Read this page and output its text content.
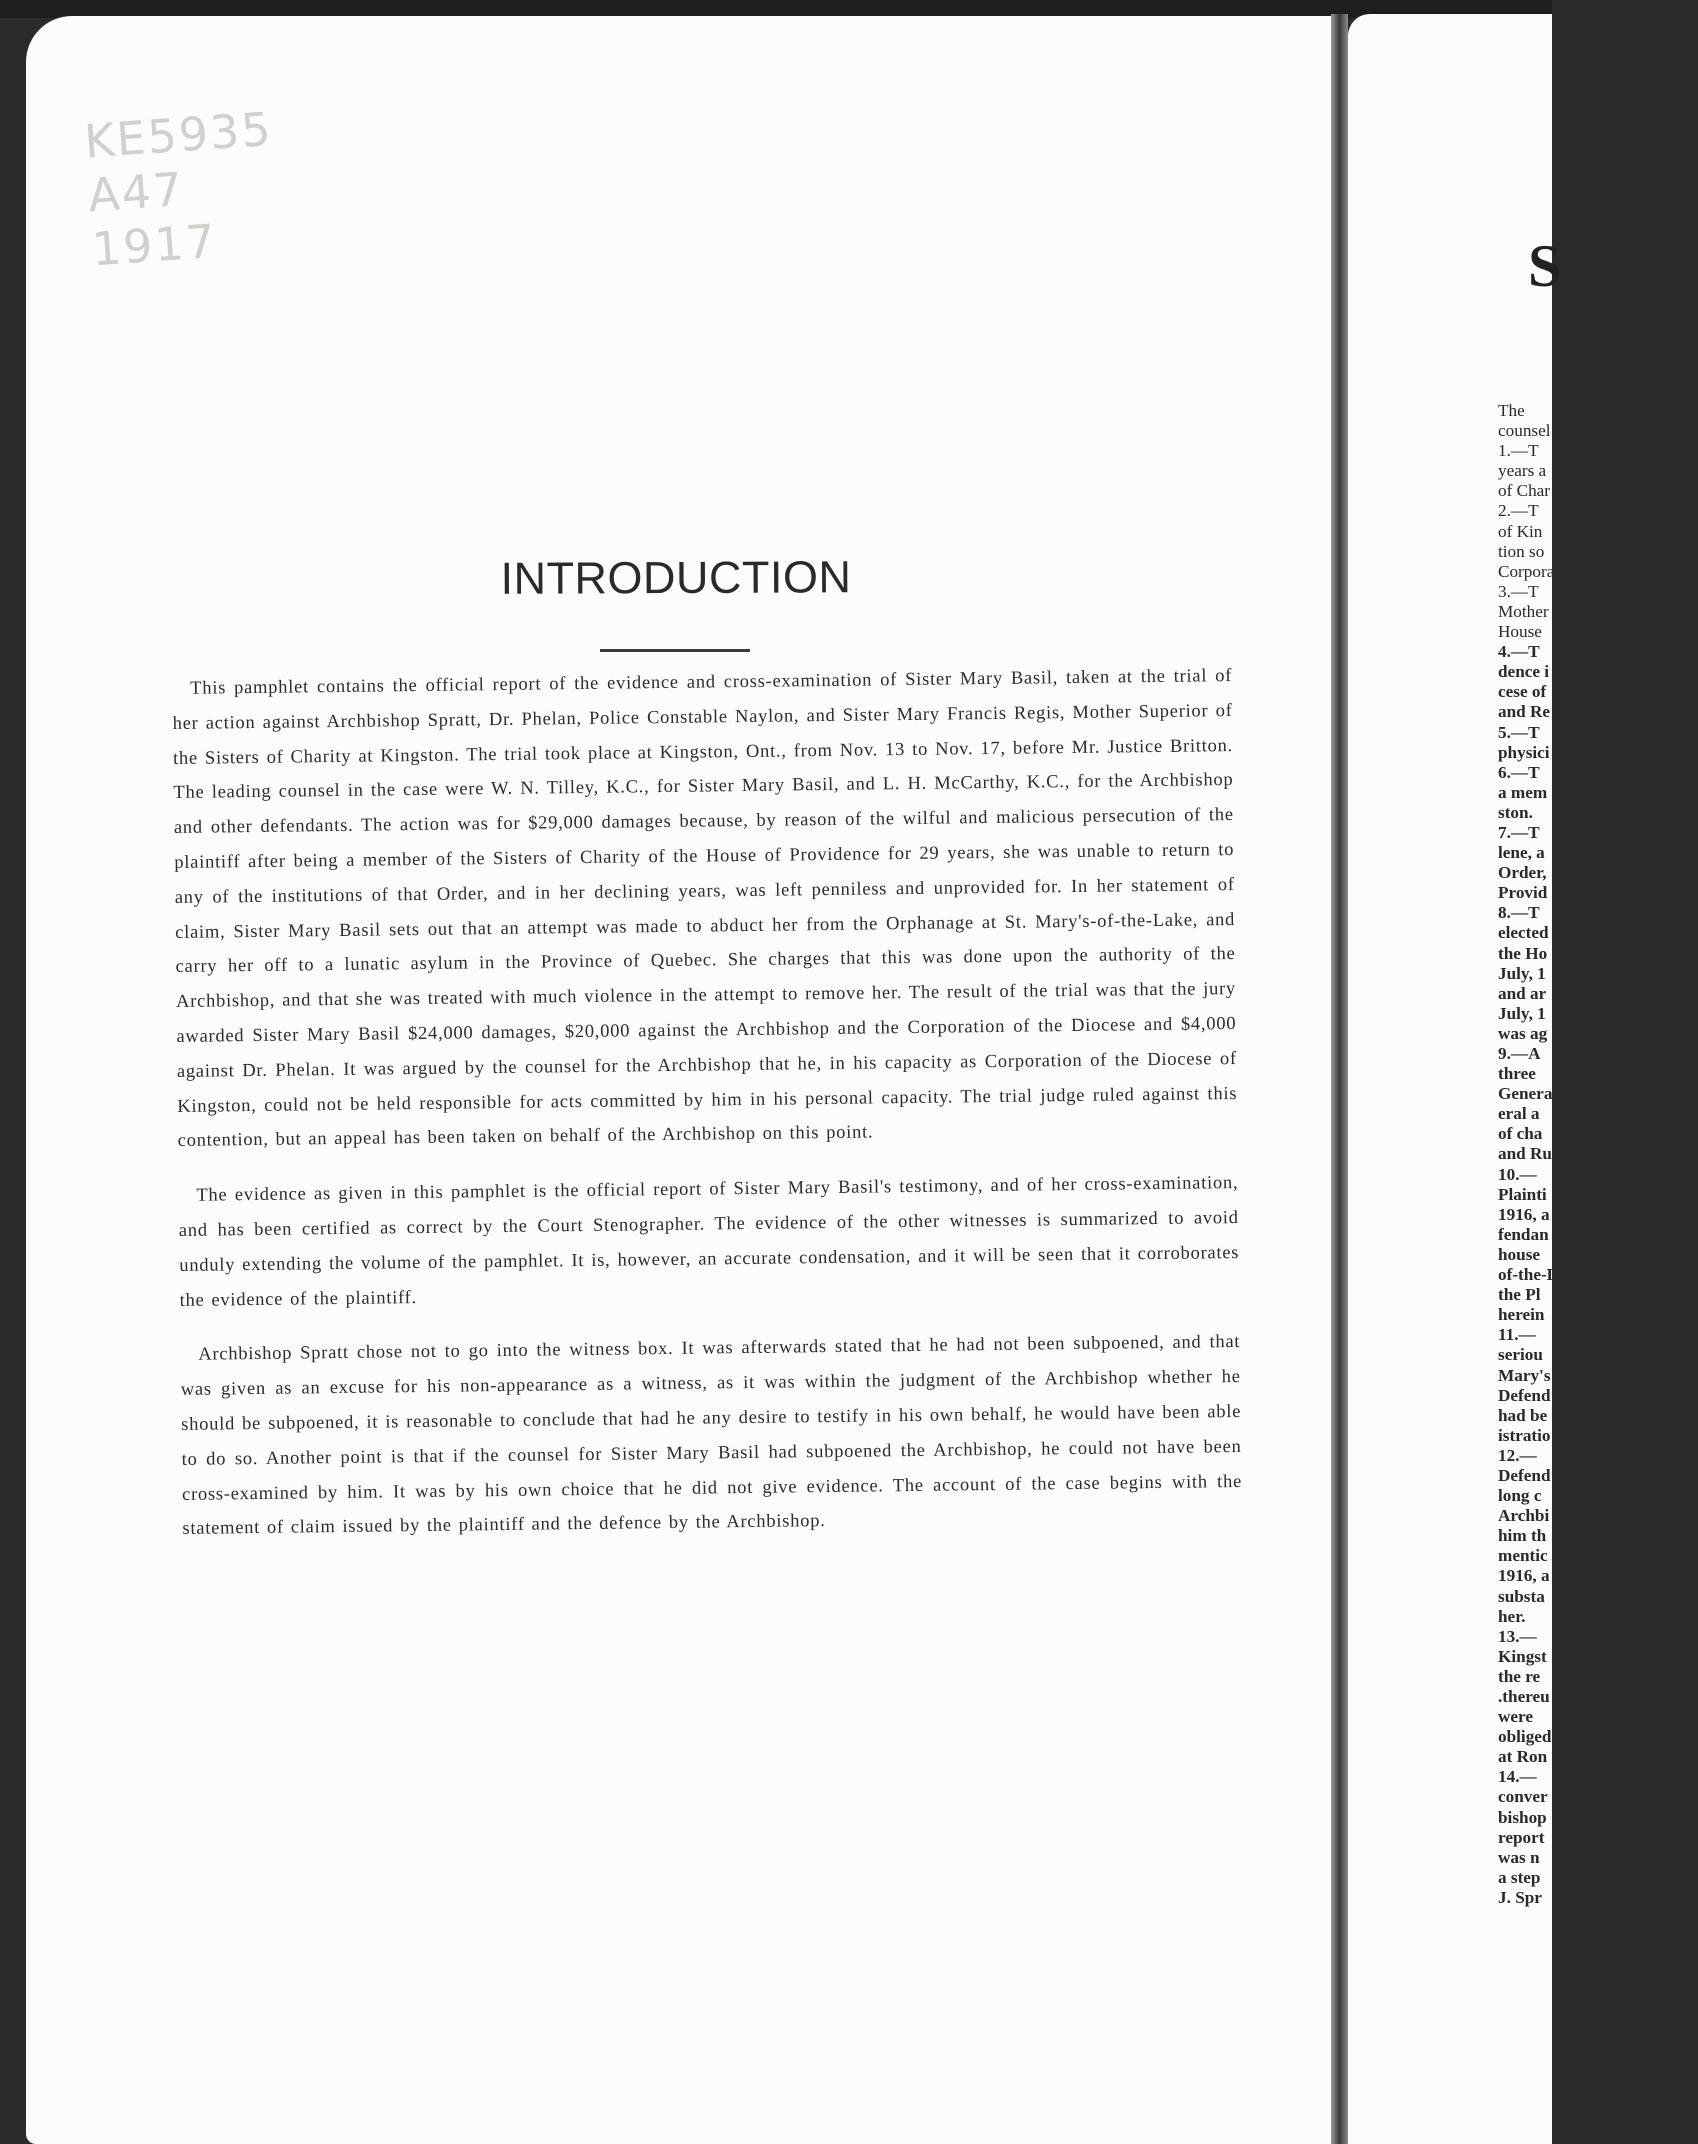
KE5935
A47
1917
INTRODUCTION

This pamphlet contains the official report of the evidence and cross-examination of Sister Mary Basil, taken at the trial of her action against Archbishop Spratt, Dr. Phelan, Police Constable Naylon, and Sister Mary Francis Regis, Mother Superior of the Sisters of Charity at Kingston. The trial took place at Kingston, Ont., from Nov. 13 to Nov. 17, before Mr. Justice Britton. The leading counsel in the case were W. N. Tilley, K.C., for Sister Mary Basil, and L. H. McCarthy, K.C., for the Archbishop and other defendants. The action was for $29,000 damages because, by reason of the wilful and malicious persecution of the plaintiff after being a member of the Sisters of Charity of the House of Providence for 29 years, she was unable to return to any of the institutions of that Order, and in her declining years, was left penniless and unprovided for. In her statement of claim, Sister Mary Basil sets out that an attempt was made to abduct her from the Orphanage at St. Mary's-of-the-Lake, and carry her off to a lunatic asylum in the Province of Quebec. She charges that this was done upon the authority of the Archbishop, and that she was treated with much violence in the attempt to remove her. The result of the trial was that the jury awarded Sister Mary Basil $24,000 damages, $20,000 against the Archbishop and the Corporation of the Diocese and $4,000 against Dr. Phelan. It was argued by the counsel for the Archbishop that he, in his capacity as Corporation of the Diocese of Kingston, could not be held responsible for acts committed by him in his personal capacity. The trial judge ruled against this contention, but an appeal has been taken on behalf of the Archbishop on this point.

The evidence as given in this pamphlet is the official report of Sister Mary Basil's testimony, and of her cross-examination, and has been certified as correct by the Court Stenographer. The evidence of the other witnesses is summarized to avoid unduly extending the volume of the pamphlet. It is, however, an accurate condensation, and it will be seen that it corroborates the evidence of the plaintiff.

Archbishop Spratt chose not to go into the witness box. It was afterwards stated that he had not been subpoened, and that was given as an excuse for his non-appearance as a witness, as it was within the judgment of the Archbishop whether he should be subpoened, it is reasonable to conclude that had he any desire to testify in his own behalf, he would have been able to do so. Another point is that if the counsel for Sister Mary Basil had subpoened the Archbishop, he could not have been cross-examined by him. It was by his own choice that he did not give evidence. The account of the case begins with the statement of claim issued by the plaintiff and the defence by the Archbishop.

S
The
counsel
1.—T
years a
of Char
2.—T
of Kin
tion so
Corpora
3.—T
Mother
House
4.—T
dence i
cese of
and Re
5.—T
physici
6.—T
a mem
ston.
7.—T
lene, a
Order,
Provid
8.—T
elected
the Ho
July, 1
and ar
July, 1
was ag
9.—A
three
Genera
eral a
of cha
and Ru
10.—
Plainti
1916, a
fendan
house
of-the-L
the Pl
herein
11.—
seriou
Mary's
Defend
had be
istratio
12.—
Defend
long c
Archbi
him th
mentic
1916, a
substa
her.
13.—
Kingst
the re
.thereu
were
obliged
at Ron
14.—
conver
bishop
report
was n
a step
J. Spr
